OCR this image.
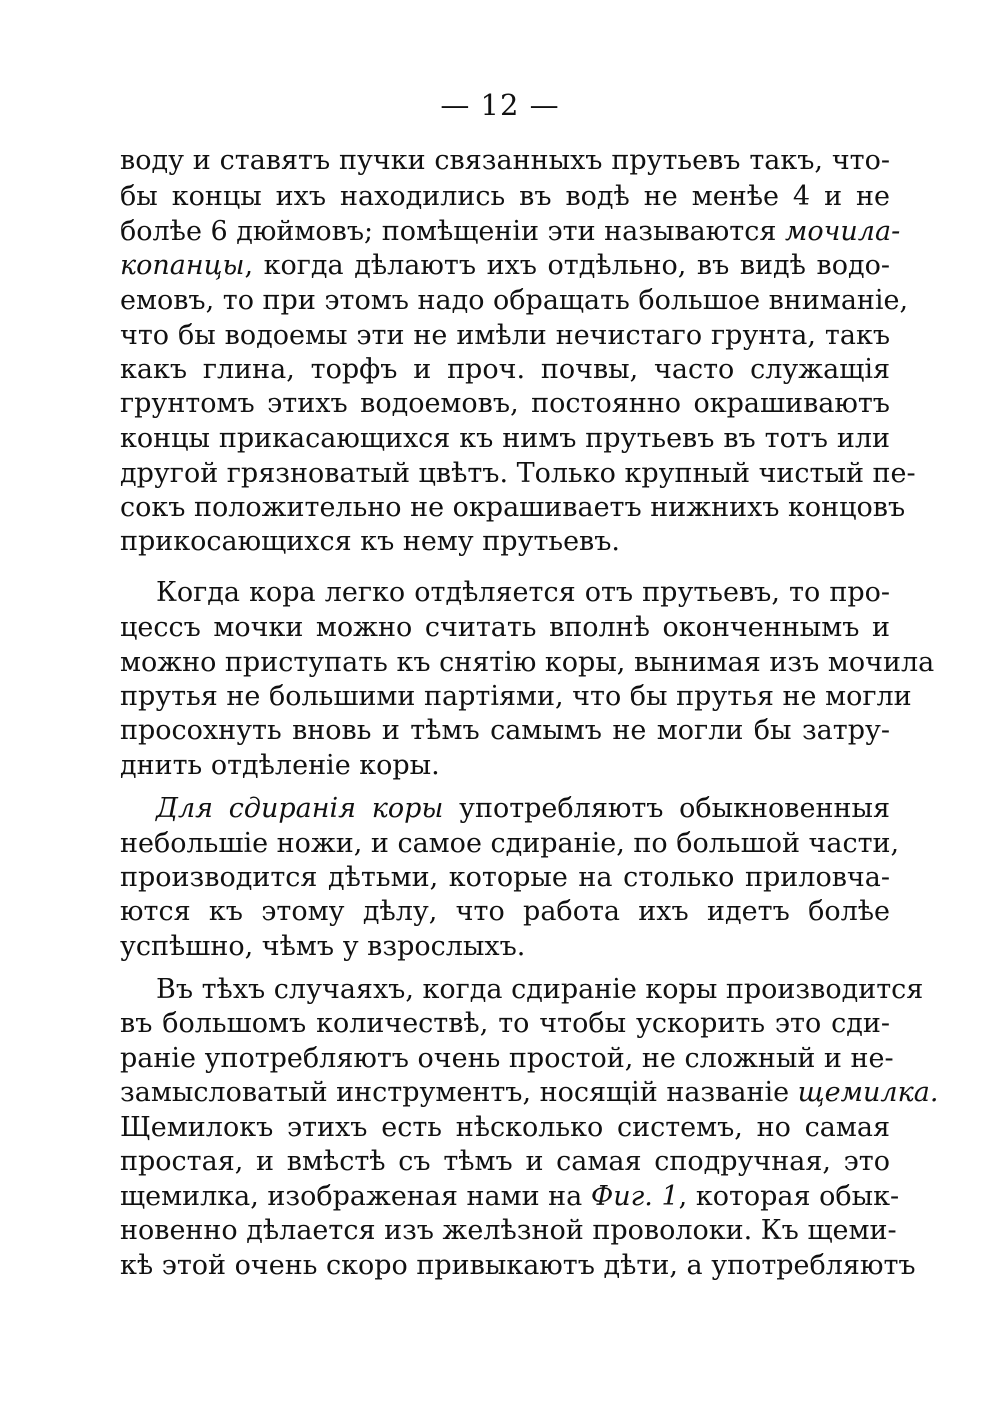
— 12 —
воду и ставятъ пучки связанныхъ прутьевъ такъ, что-
бы концы ихъ находились въ водѣ не менѣе 4 и не
болѣе 6 дюймовъ; помѣщеніи эти называются мочила-
копанцы, когда дѣлаютъ ихъ отдѣльно, въ видѣ водо-
емовъ, то при этомъ надо обращать большое вниманіе,
что бы водоемы эти не имѣли нечистаго грунта, такъ
какъ глина, торфъ и проч. почвы, часто служащія
грунтомъ этихъ водоемовъ, постоянно окрашиваютъ
концы прикасающихся къ нимъ прутьевъ въ тотъ или
другой грязноватый цвѣтъ. Только крупный чистый пе-
сокъ положительно не окрашиваетъ нижнихъ концовъ
прикосающихся къ нему прутьевъ.
Когда кора легко отдѣляется отъ прутьевъ, то про-
цессъ мочки можно считать вполнѣ оконченнымъ и
можно приступать къ снятію коры, вынимая изъ мочила
прутья не большими партіями, что бы прутья не могли
просохнуть вновь и тѣмъ самымъ не могли бы затру-
днить отдѣленіе коры.
Для сдиранія коры употребляютъ обыкновенныя
небольшіе ножи, и самое сдираніе, по большой части,
производится дѣтьми, которые на столько приловча-
ются къ этому дѣлу, что работа ихъ идетъ болѣе
успѣшно, чѣмъ у взрослыхъ.
Въ тѣхъ случаяхъ, когда сдираніе коры производится
въ большомъ количествѣ, то чтобы ускорить это сди-
раніе употребляютъ очень простой, не сложный и не-
замысловатый инструментъ, носящій названіе щемилка.
Щемилокъ этихъ есть нѣсколько системъ, но самая
простая, и вмѣстѣ съ тѣмъ и самая сподручная, это
щемилка, изображеная нами на Фиг. 1, которая обык-
новенно дѣлается изъ желѣзной проволоки. Къ щеми-
кѣ этой очень скоро привыкаютъ дѣти, а употребляютъ
